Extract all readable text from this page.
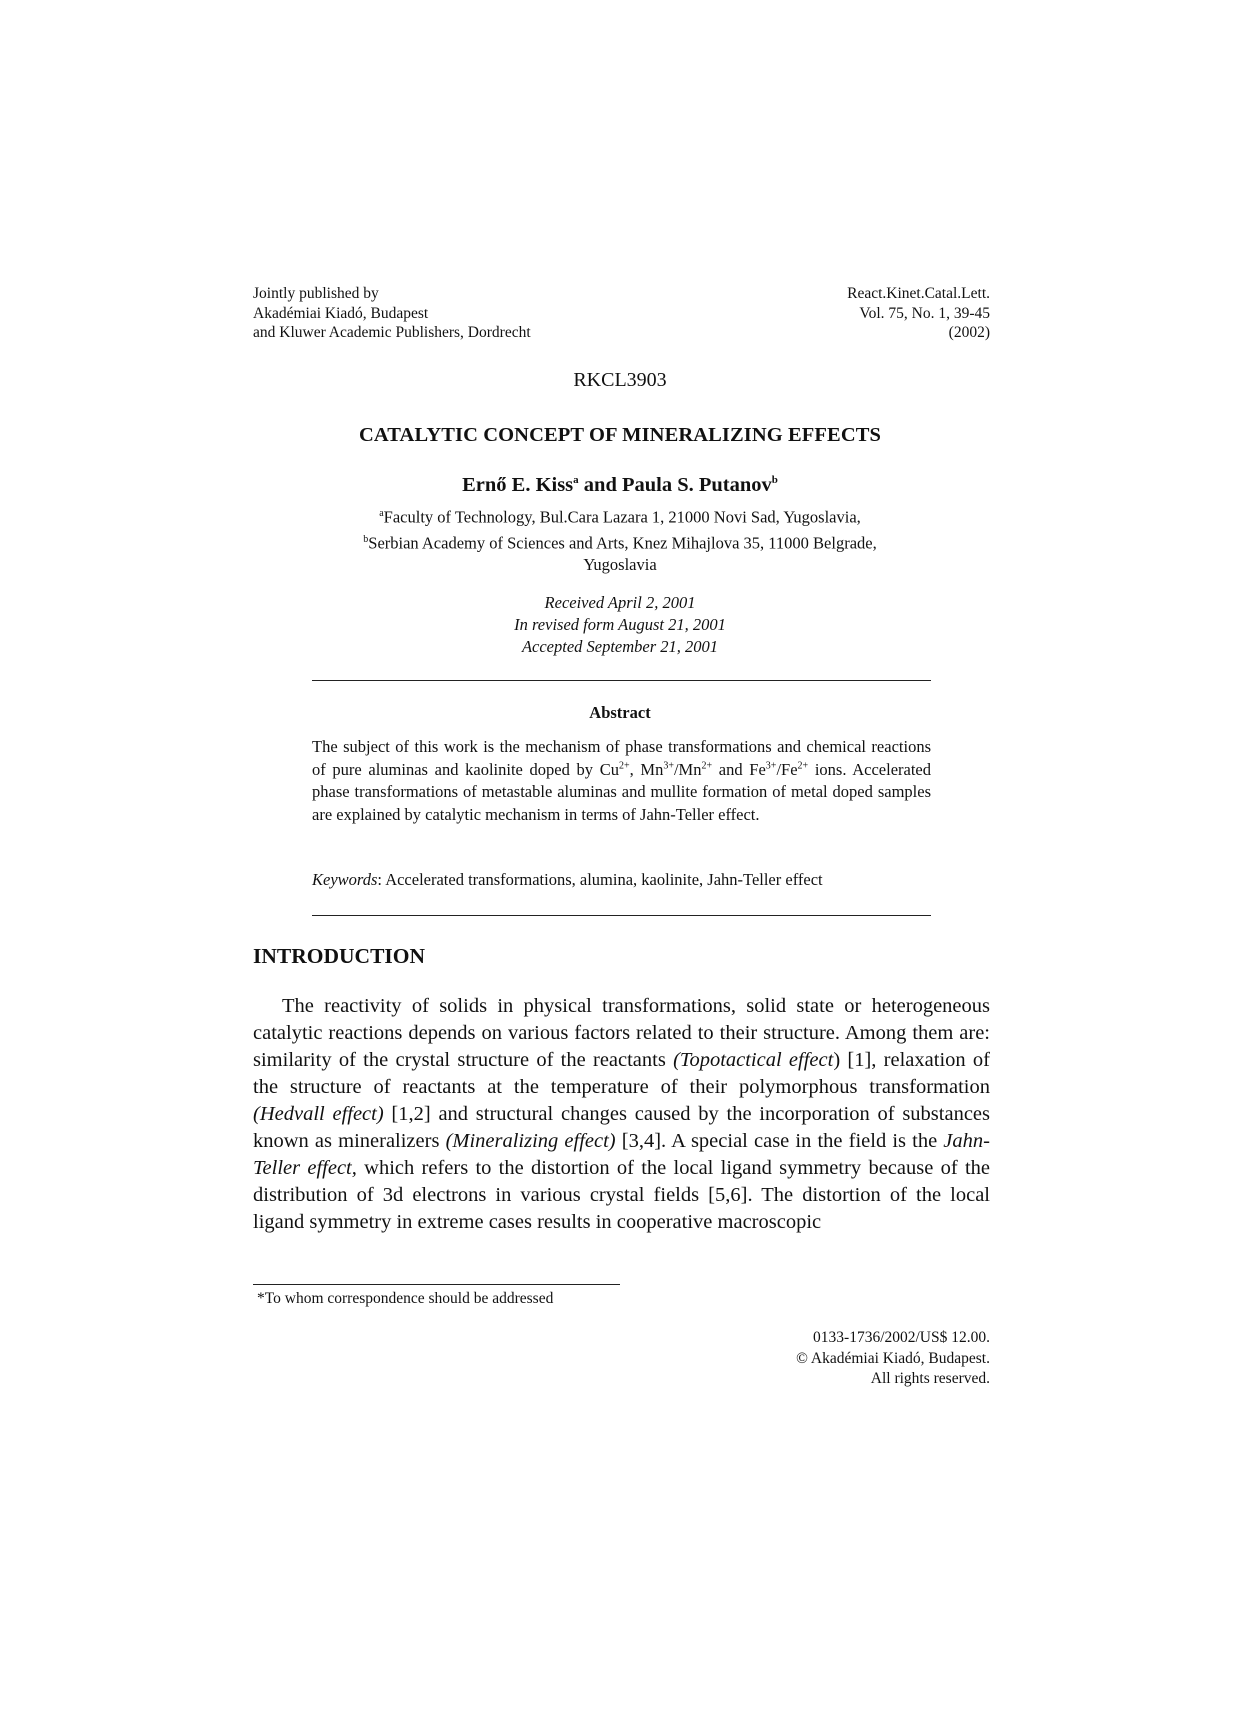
Jointly published by
Akadémiai Kiadó, Budapest
and Kluwer Academic Publishers, Dordrecht
React.Kinet.Catal.Lett.
Vol. 75, No. 1, 39-45
(2002)
RKCL3903
CATALYTIC CONCEPT OF MINERALIZING EFFECTS
Ernő E. Kiss$^a$ and Paula S. Putanov$^b$
$^a$Faculty of Technology, Bul.Cara Lazara 1, 21000 Novi Sad, Yugoslavia,
$^b$Serbian Academy of Sciences and Arts, Knez Mihajlova 35, 11000 Belgrade,
Yugoslavia
Received April 2, 2001
In revised form August 21, 2001
Accepted September 21, 2001
Abstract
The subject of this work is the mechanism of phase transformations and chemical reactions of pure aluminas and kaolinite doped by $Cu^{2+}$, $Mn^{3+}/Mn^{2+}$ and $Fe^{3+}/Fe^{2+}$ ions. Accelerated phase transformations of metastable aluminas and mullite formation of metal doped samples are explained by catalytic mechanism in terms of Jahn-Teller effect.
Keywords: Accelerated transformations, alumina, kaolinite, Jahn-Teller effect
INTRODUCTION
The reactivity of solids in physical transformations, solid state or heterogeneous catalytic reactions depends on various factors related to their structure. Among them are: similarity of the crystal structure of the reactants (Topotactical effect) [1], relaxation of the structure of reactants at the temperature of their polymorphous transformation (Hedvall effect) [1,2] and structural changes caused by the incorporation of substances known as mineralizers (Mineralizing effect) [3,4]. A special case in the field is the Jahn-Teller effect, which refers to the distortion of the local ligand symmetry because of the distribution of 3d electrons in various crystal fields [5,6]. The distortion of the local ligand symmetry in extreme cases results in cooperative macroscopic
*To whom correspondence should be addressed
0133-1736/2002/US$ 12.00.
© Akadémiai Kiadó, Budapest.
All rights reserved.
